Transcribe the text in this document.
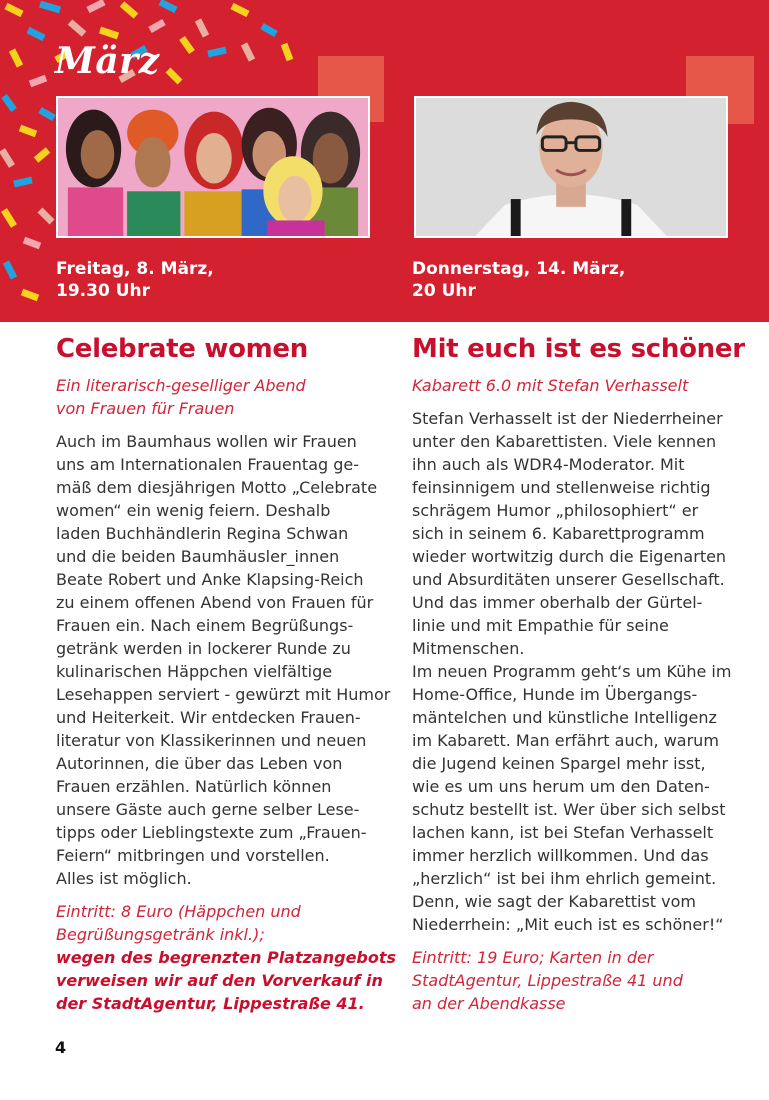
März
Freitag, 8. März,
19.30 Uhr
Donnerstag, 14. März,
20 Uhr
Celebrate women
Ein literarisch-geselliger Abend
von Frauen für Frauen
Auch im Baumhaus wollen wir Frauen
uns am Internationalen Frauentag ge-
mäß dem diesjährigen Motto „Celebrate
women“ ein wenig feiern. Deshalb
laden Buchhändlerin Regina Schwan
und die beiden Baumhäusler_innen
Beate Robert und Anke Klapsing-Reich
zu einem offenen Abend von Frauen für
Frauen ein. Nach einem Begrüßungs-
getränk werden in lockerer Runde zu
kulinarischen Häppchen vielfältige
Lesehappen serviert - gewürzt mit Humor
und Heiterkeit. Wir entdecken Frauen-
literatur von Klassikerinnen und neuen
Autorinnen, die über das Leben von
Frauen erzählen. Natürlich können
unsere Gäste auch gerne selber Lese-
tipps oder Lieblingstexte zum „Frauen-
Feiern“ mitbringen und vorstellen.
Alles ist möglich.
Eintritt: 8 Euro (Häppchen und
Begrüßungsgetränk inkl.);
wegen des begrenzten Platzangebots
verweisen wir auf den Vorverkauf in
der StadtAgentur, Lippestraße 41.
Mit euch ist es schöner
Kabarett 6.0 mit Stefan Verhasselt
Stefan Verhasselt ist der Niederrheiner
unter den Kabarettisten. Viele kennen
ihn auch als WDR4-Moderator. Mit
feinsinnigem und stellenweise richtig
schrägem Humor „philosophiert“ er
sich in seinem 6. Kabarettprogramm
wieder wortwitzig durch die Eigenarten
und Absurditäten unserer Gesellschaft.
Und das immer oberhalb der Gürtel-
linie und mit Empathie für seine
Mitmenschen.
Im neuen Programm geht‘s um Kühe im
Home-Office, Hunde im Übergangs-
mäntelchen und künstliche Intelligenz
im Kabarett. Man erfährt auch, warum
die Jugend keinen Spargel mehr isst,
wie es um uns herum um den Daten-
schutz bestellt ist. Wer über sich selbst
lachen kann, ist bei Stefan Verhasselt
immer herzlich willkommen. Und das
„herzlich“ ist bei ihm ehrlich gemeint.
Denn, wie sagt der Kabarettist vom
Niederrhein: „Mit euch ist es schöner!“
Eintritt: 19 Euro; Karten in der
StadtAgentur, Lippestraße 41 und
an der Abendkasse
4
